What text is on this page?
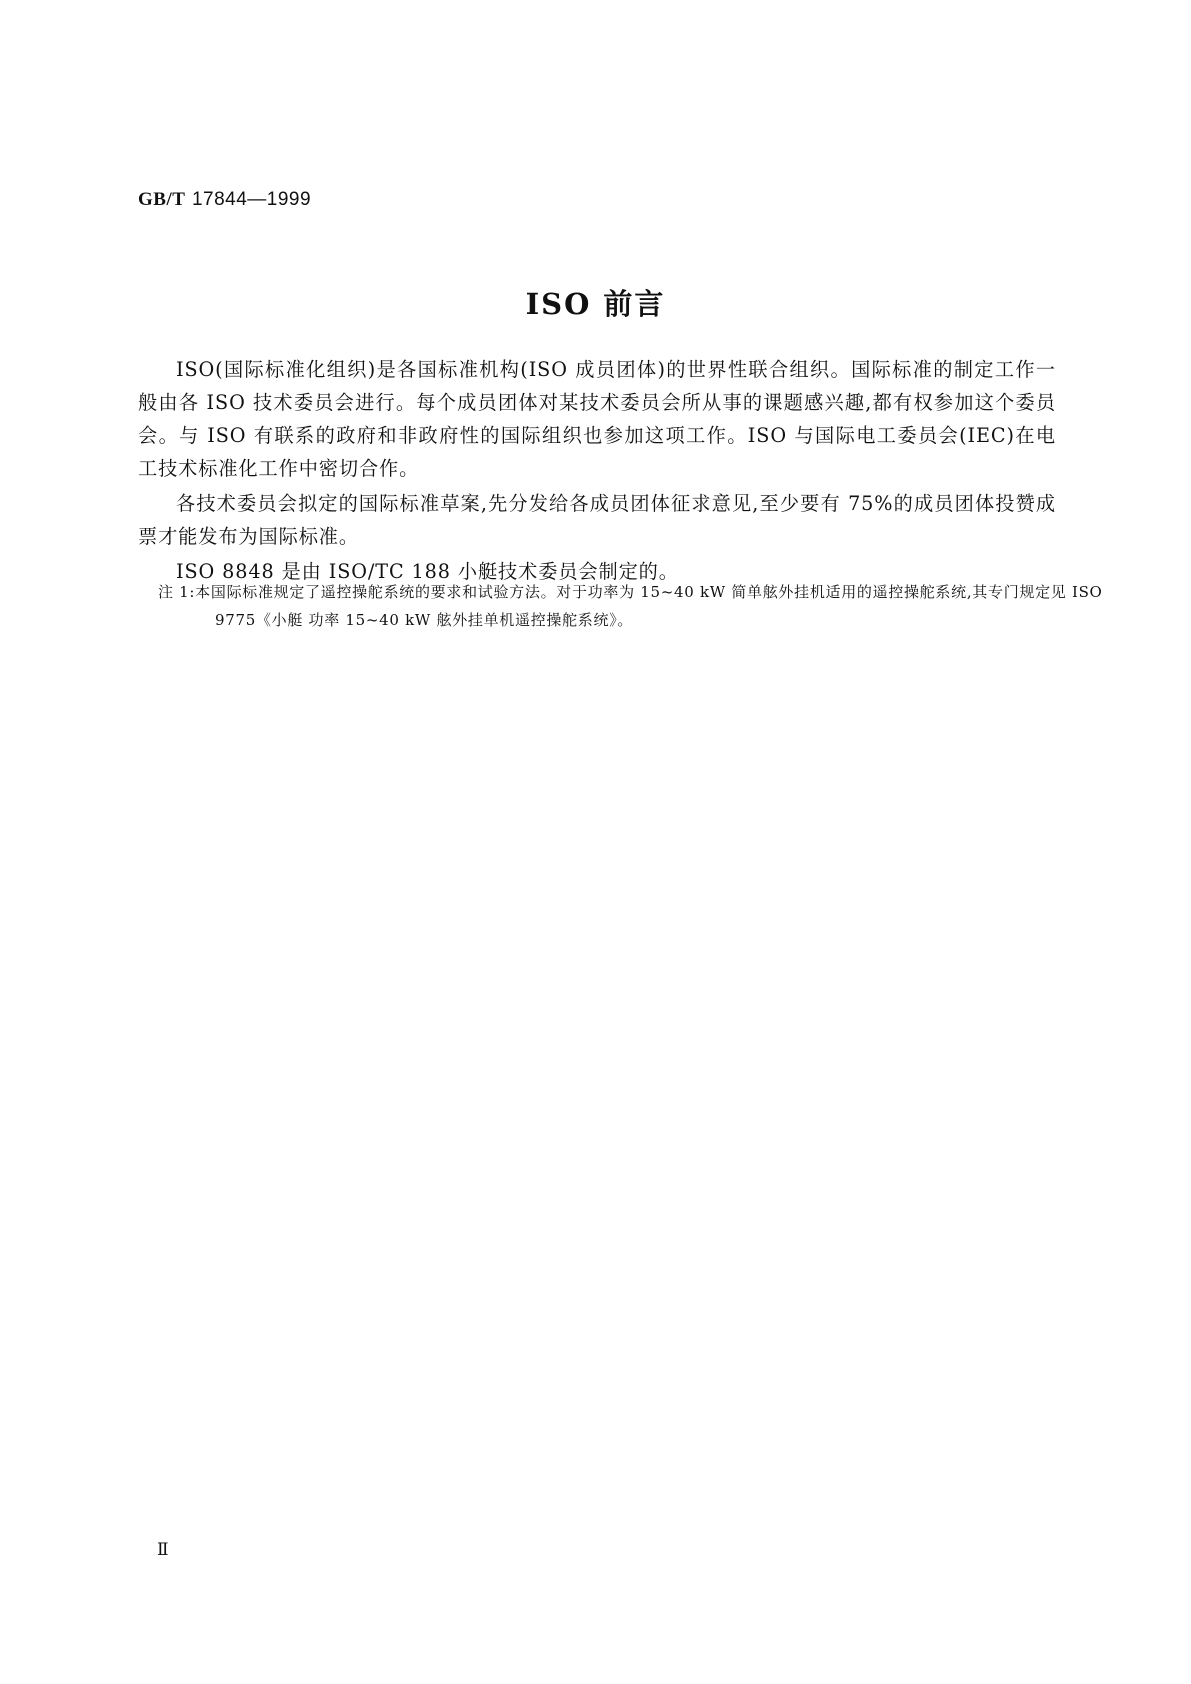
GB/T 17844—1999
ISO 前言

ISO(国际标准化组织)是各国标准机构(ISO 成员团体)的世界性联合组织。国际标准的制定工作一般由各 ISO 技术委员会进行。每个成员团体对某技术委员会所从事的课题感兴趣,都有权参加这个委员会。与 ISO 有联系的政府和非政府性的国际组织也参加这项工作。ISO 与国际电工委员会(IEC)在电工技术标准化工作中密切合作。

各技术委员会拟定的国际标准草案,先分发给各成员团体征求意见,至少要有 75%的成员团体投赞成票才能发布为国际标准。

ISO 8848 是由 ISO/TC 188 小艇技术委员会制定的。

注 1:本国际标准规定了遥控操舵系统的要求和试验方法。对于功率为 15~40 kW 简单舷外挂机适用的遥控操舵系统,其专门规定见 ISO 9775《小艇 功率 15~40 kW 舷外挂单机遥控操舵系统》。
Ⅱ
